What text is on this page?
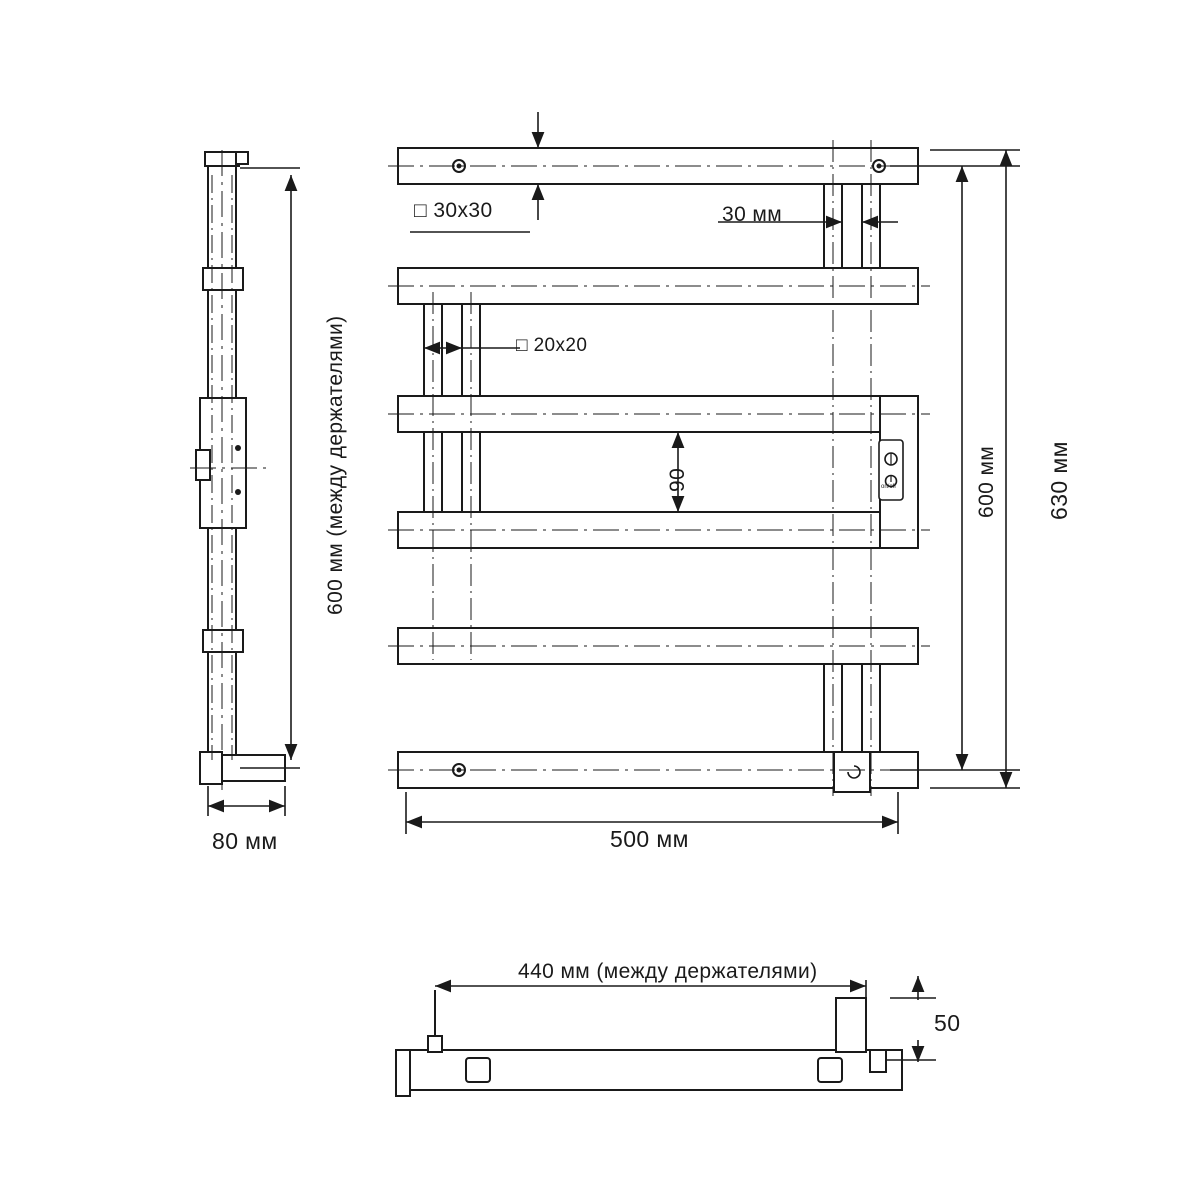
□ 30x30
□ 20x20
30 мм
90
600 мм (между держателями)	600 мм 630 мм
500 мм
80 мм
440 мм (между держателями)
50
on/off
